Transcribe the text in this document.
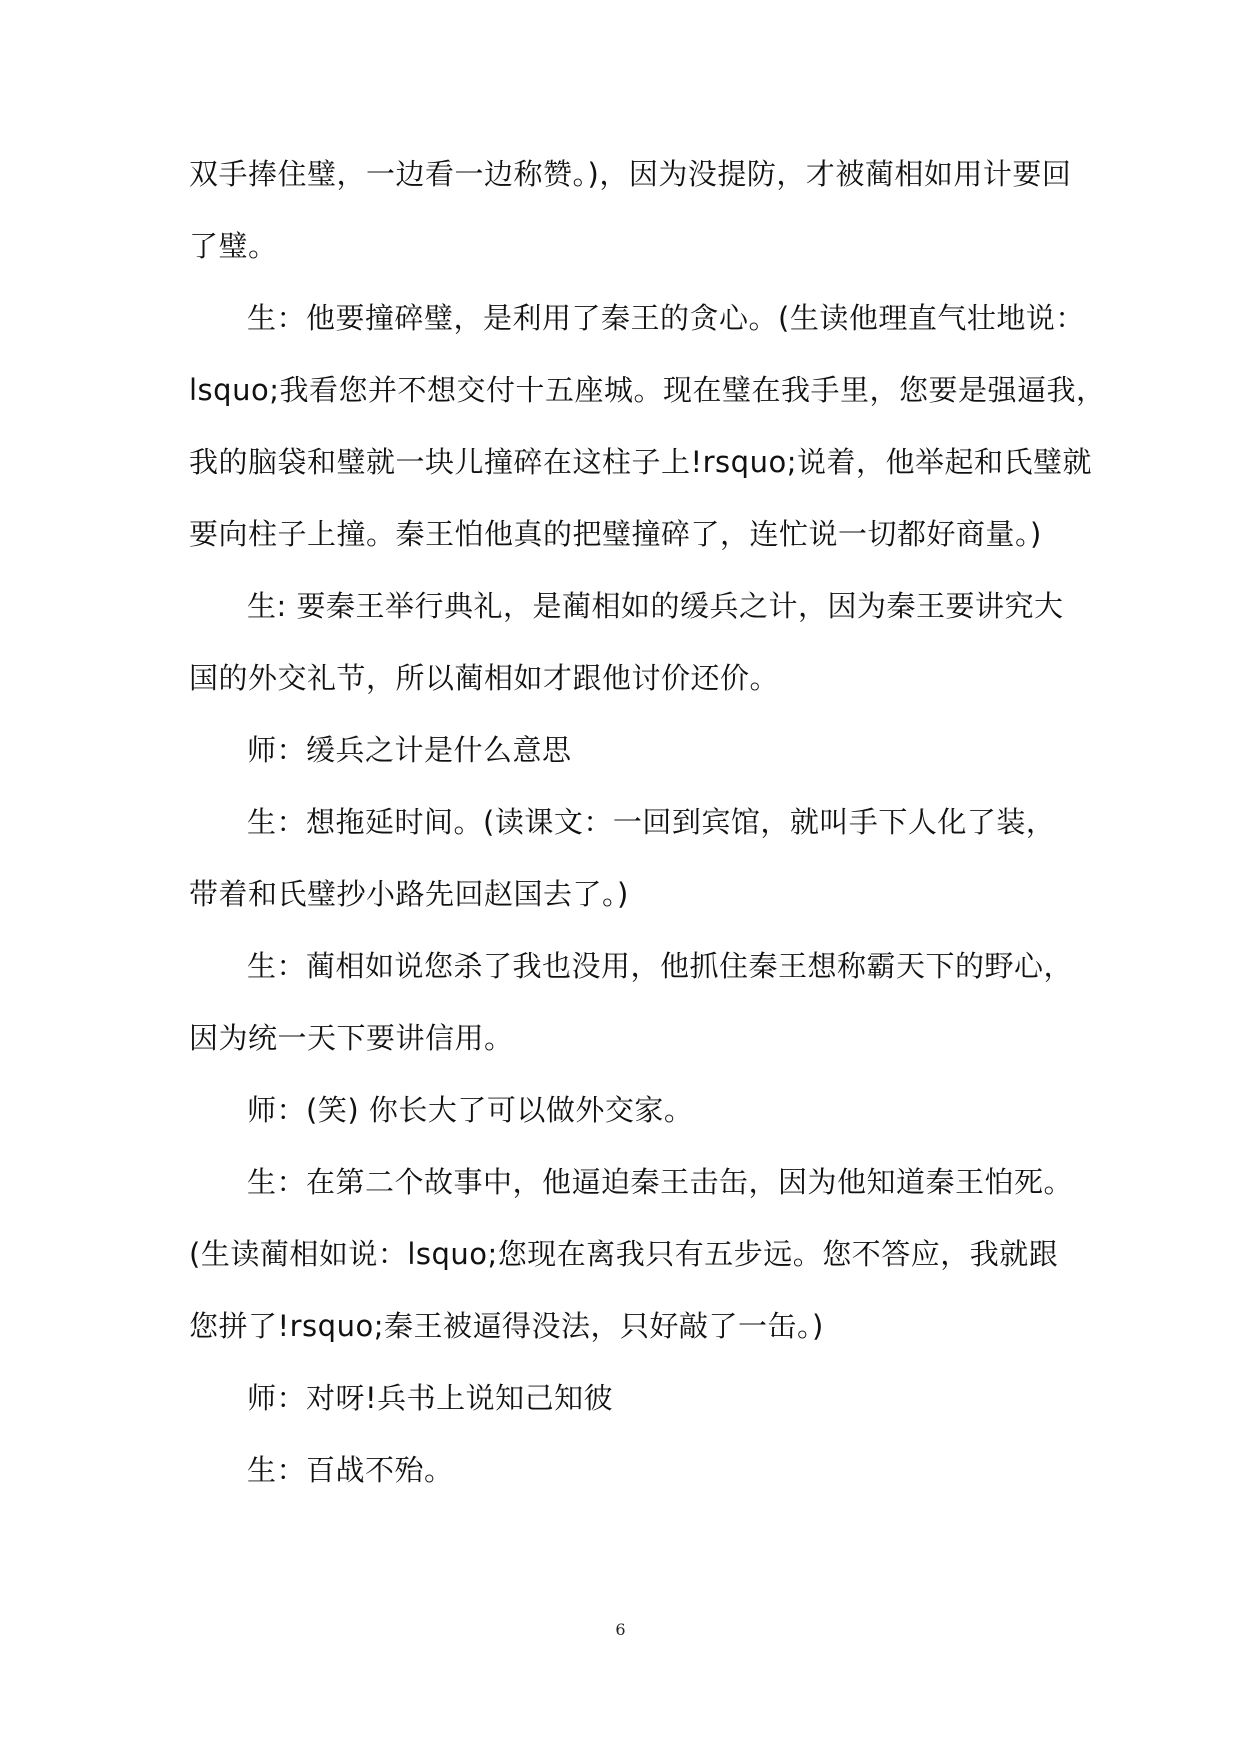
双手捧住璧，一边看一边称赞。)，因为没提防，才被蔺相如用计要回
了璧。
生：他要撞碎璧，是利用了秦王的贪心。(生读他理直气壮地说：
lsquo;我看您并不想交付十五座城。现在璧在我手里，您要是强逼我，
我的脑袋和璧就一块儿撞碎在这柱子上!rsquo;说着，他举起和氏璧就
要向柱子上撞。秦王怕他真的把璧撞碎了，连忙说一切都好商量。)
生: 要秦王举行典礼，是蔺相如的缓兵之计，因为秦王要讲究大
国的外交礼节，所以蔺相如才跟他讨价还价。
师：缓兵之计是什么意思
生：想拖延时间。(读课文：一回到宾馆，就叫手下人化了装，
带着和氏璧抄小路先回赵国去了。)
生：蔺相如说您杀了我也没用，他抓住秦王想称霸天下的野心，
因为统一天下要讲信用。
师：(笑) 你长大了可以做外交家。
生：在第二个故事中，他逼迫秦王击缶，因为他知道秦王怕死。
(生读蔺相如说：lsquo;您现在离我只有五步远。您不答应，我就跟
您拼了!rsquo;秦王被逼得没法，只好敲了一缶。)
师：对呀!兵书上说知己知彼
生：百战不殆。
6
